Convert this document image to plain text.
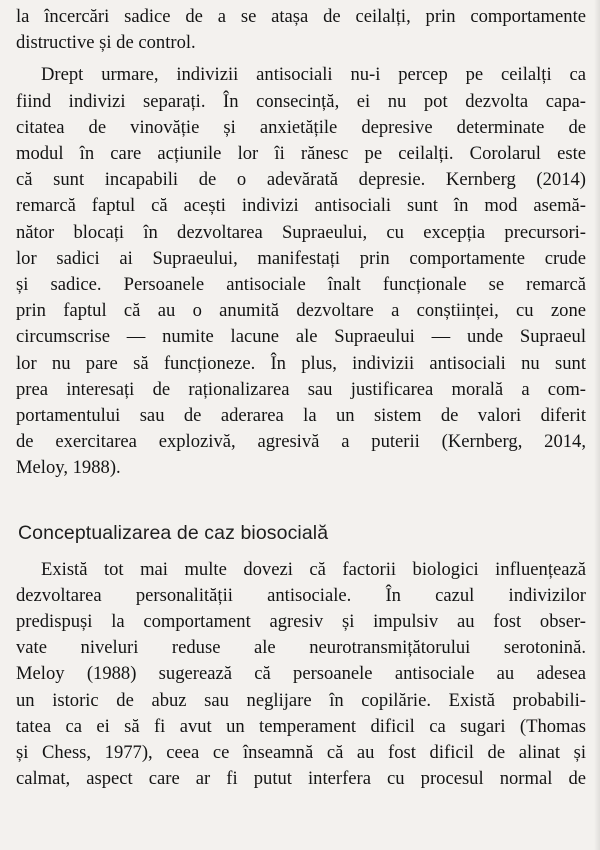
la încercări sadice de a se atașa de ceilalți, prin comportamente
distructive și de control.

Drept urmare, indivizii antisociali nu-i percep pe ceilalți ca
fiind indivizi separați. În consecință, ei nu pot dezvolta capa-
citatea de vinovăție și anxietățile depresive determinate de
modul în care acțiunile lor îi rănesc pe ceilalți. Corolarul este
că sunt incapabili de o adevărată depresie. Kernberg (2014)
remarcă faptul că acești indivizi antisociali sunt în mod asemă-
nător blocați în dezvoltarea Supraeului, cu excepția precursori-
lor sadici ai Supraeului, manifestați prin comportamente crude
și sadice. Persoanele antisociale înalt funcționale se remarcă
prin faptul că au o anumită dezvoltare a conștiinței, cu zone
circumscrise — numite lacune ale Supraeului — unde Supraeul
lor nu pare să funcționeze. În plus, indivizii antisociali nu sunt
prea interesați de raționalizarea sau justificarea morală a com-
portamentului sau de aderarea la un sistem de valori diferit
de exercitarea explozivă, agresivă a puterii (Kernberg, 2014,
Meloy, 1988).

Conceptualizarea de caz biosocială

Există tot mai multe dovezi că factorii biologici influențează
dezvoltarea personalității antisociale. În cazul indivizilor
predispuși la comportament agresiv și impulsiv au fost obser-
vate niveluri reduse ale neurotransmițătorului serotonină.
Meloy (1988) sugerează că persoanele antisociale au adesea
un istoric de abuz sau neglijare în copilărie. Există probabili-
tatea ca ei să fi avut un temperament dificil ca sugari (Thomas
și Chess, 1977), ceea ce înseamnă că au fost dificil de alinat și
calmat, aspect care ar fi putut interfera cu procesul normal de
